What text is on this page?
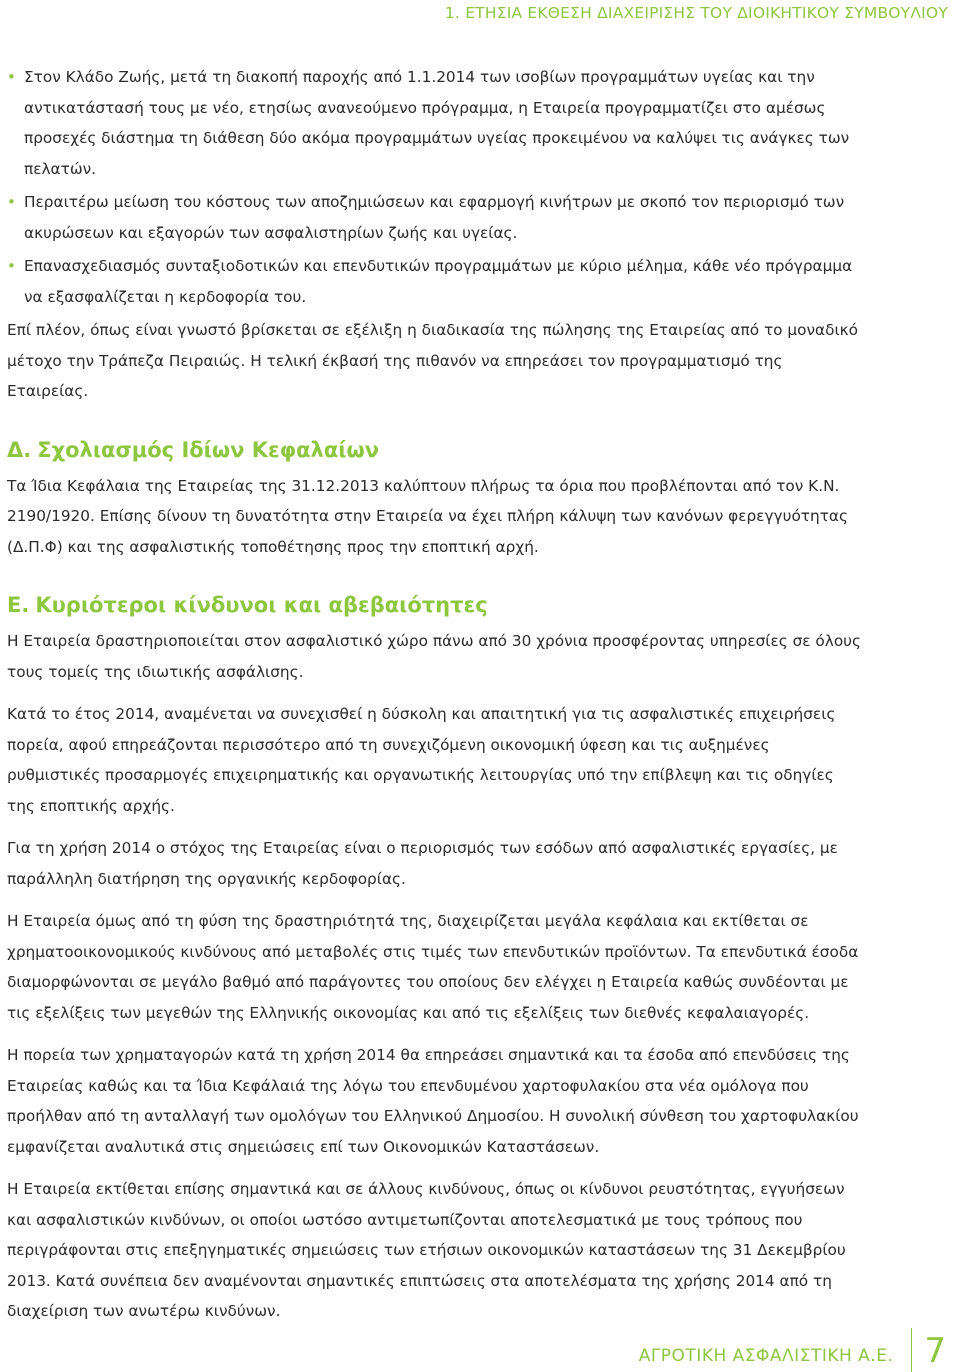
1. ΕΤΗΣΙΑ ΕΚΘΕΣΗ ΔΙΑΧΕΙΡΙΣΗΣ ΤΟΥ ΔΙΟΙΚΗΤΙΚΟΥ ΣΥΜΒΟΥΛΙΟΥ
• Στον Κλάδο Ζωής, μετά τη διακοπή παροχής από 1.1.2014 των ισοβίων προγραμμάτων υγείας και την αντικατάστασή τους με νέο, ετησίως ανανεούμενο πρόγραμμα, η Εταιρεία προγραμματίζει στο αμέσως προσεχές διάστημα τη διάθεση δύο ακόμα προγραμμάτων υγείας προκειμένου να καλύψει τις ανάγκες των πελατών.
• Περαιτέρω μείωση του κόστους των αποζημιώσεων και εφαρμογή κινήτρων με σκοπό τον περιορισμό των ακυρώσεων και εξαγορών των ασφαλιστηρίων ζωής και υγείας.
• Επανασχεδιασμός συνταξιοδοτικών και επενδυτικών προγραμμάτων με κύριο μέλημα, κάθε νέο πρόγραμμα να εξασφαλίζεται η κερδοφορία του.

Επί πλέον, όπως είναι γνωστό βρίσκεται σε εξέλιξη η διαδικασία της πώλησης της Εταιρείας από το μοναδικό μέτοχο την Τράπεζα Πειραιώς. Η τελική έκβασή της πιθανόν να επηρεάσει τον προγραμματισμό της Εταιρείας.

Δ. Σχολιασμός Ιδίων Κεφαλαίων

Τα Ίδια Κεφάλαια της Εταιρείας της 31.12.2013 καλύπτουν πλήρως τα όρια που προβλέπονται από τον Κ.Ν. 2190/1920. Επίσης δίνουν τη δυνατότητα στην Εταιρεία να έχει πλήρη κάλυψη των κανόνων φερεγγυότητας (Δ.Π.Φ) και της ασφαλιστικής τοποθέτησης προς την εποπτική αρχή.

Ε. Κυριότεροι κίνδυνοι και αβεβαιότητες

Η Εταιρεία δραστηριοποιείται στον ασφαλιστικό χώρο πάνω από 30 χρόνια προσφέροντας υπηρεσίες σε όλους τους τομείς της ιδιωτικής ασφάλισης.

Κατά το έτος 2014, αναμένεται να συνεχισθεί η δύσκολη και απαιτητική για τις ασφαλιστικές επιχειρήσεις πορεία, αφού επηρεάζονται περισσότερο από τη συνεχιζόμενη οικονομική ύφεση και τις αυξημένες ρυθμιστικές προσαρμογές επιχειρηματικής και οργανωτικής λειτουργίας υπό την επίβλεψη και τις οδηγίες της εποπτικής αρχής.

Για τη χρήση 2014 ο στόχος της Εταιρείας είναι ο περιορισμός των εσόδων από ασφαλιστικές εργασίες, με παράλληλη διατήρηση της οργανικής κερδοφορίας.

Η Εταιρεία όμως από τη φύση της δραστηριότητά της, διαχειρίζεται μεγάλα κεφάλαια και εκτίθεται σε χρηματοοικονομικούς κινδύνους από μεταβολές στις τιμές των επενδυτικών προϊόντων. Τα επενδυτικά έσοδα διαμορφώνονται σε μεγάλο βαθμό από παράγοντες του οποίους δεν ελέγχει η Εταιρεία καθώς συνδέονται με τις εξελίξεις των μεγεθών της Ελληνικής οικονομίας και από τις εξελίξεις των διεθνές κεφαλαιαγορές.

Η πορεία των χρηματαγορών κατά τη χρήση 2014 θα επηρεάσει σημαντικά και τα έσοδα από επενδύσεις της Εταιρείας καθώς και τα Ίδια Κεφάλαιά της λόγω του επενδυμένου χαρτοφυλακίου στα νέα ομόλογα που προήλθαν από τη ανταλλαγή των ομολόγων του Ελληνικού Δημοσίου. Η συνολική σύνθεση του χαρτοφυλακίου εμφανίζεται αναλυτικά στις σημειώσεις επί των Οικονομικών Καταστάσεων.

Η Εταιρεία εκτίθεται επίσης σημαντικά και σε άλλους κινδύνους, όπως οι κίνδυνοι ρευστότητας, εγγυήσεων και ασφαλιστικών κινδύνων, οι οποίοι ωστόσο αντιμετωπίζονται αποτελεσματικά με τους τρόπους που περιγράφονται στις επεξηγηματικές σημειώσεις των ετήσιων οικονομικών καταστάσεων της 31 Δεκεμβρίου 2013. Κατά συνέπεια δεν αναμένονται σημαντικές επιπτώσεις στα αποτελέσματα της χρήσης 2014 από τη διαχείριση των ανωτέρω κινδύνων.

ΑΓΡΟΤΙΚΗ ΑΣΦΑΛΙΣΤΙΚΗ Α.Ε. 7
